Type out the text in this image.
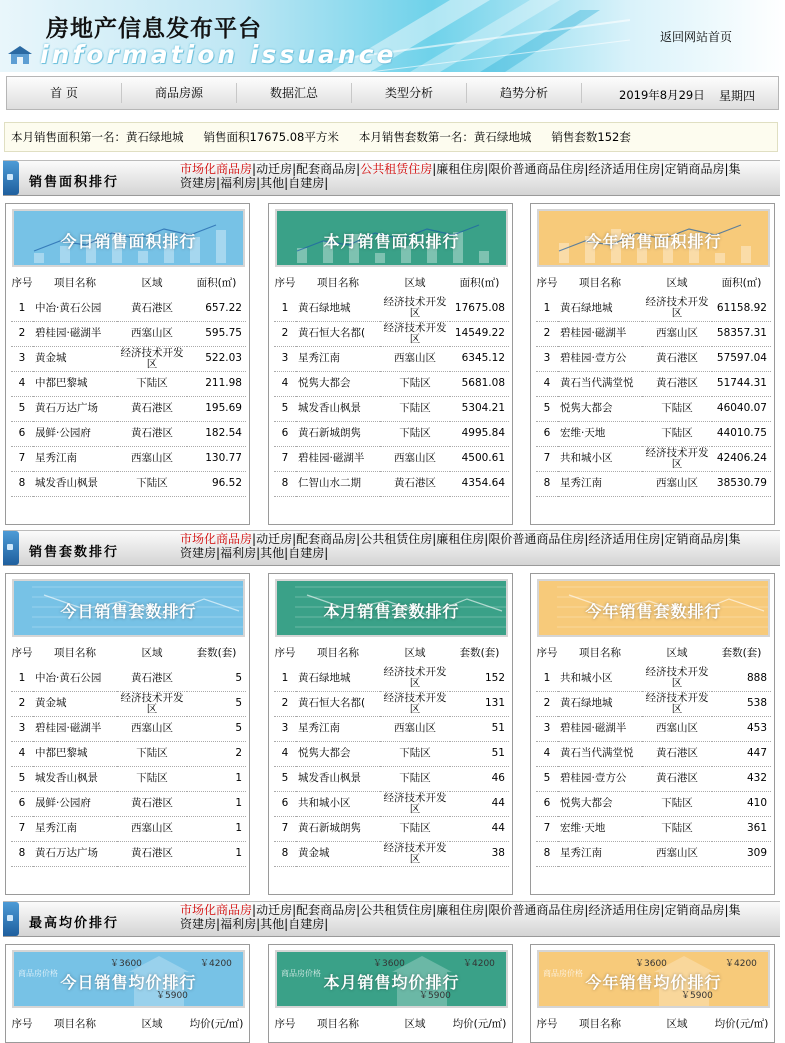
房地产信息发布平台
information issuance
返回网站首页
首 页	商品房源	数据汇总	类型分析	趋势分析	2019年8月29日 星期四
本月销售面积第一名：黄石绿地城 销售面积17675.08平方米 本月销售套数第一名：黄石绿地城 销售套数152套
销售面积排行
市场化商品房|动迁房|配套商品房|公共租赁住房|廉租住房|限价普通商品住房|经济适用住房|定销商品房|集资建房|福利房|其他|自建房|
今日销售面积排行
序号	项目名称	区域	面积(㎡)
1	中冶·黄石公园	黄石港区	657.22
2	碧桂园·磁湖半	西塞山区	595.75
3	黄金城	经济技术开发区	522.03
4	中都巴黎城	下陆区	211.98
5	黄石万达广场	黄石港区	195.69
6	晟鲜·公园府	黄石港区	182.54
7	星秀江南	西塞山区	130.77
8	城发香山枫景	下陆区	96.52
本月销售面积排行
序号	项目名称	区域	面积(㎡)
1	黄石绿地城	经济技术开发区	17675.08
2	黄石恒大名都(	经济技术开发区	14549.22
3	星秀江南	西塞山区	6345.12
4	悦隽大都会	下陆区	5681.08
5	城发香山枫景	下陆区	5304.21
6	黄石新城朗隽	下陆区	4995.84
7	碧桂园·磁湖半	西塞山区	4500.61
8	仁智山水二期	黄石港区	4354.64
今年销售面积排行
序号	项目名称	区域	面积(㎡)
1	黄石绿地城	经济技术开发区	61158.92
2	碧桂园·磁湖半	西塞山区	58357.31
3	碧桂园·壹方公	黄石港区	57597.04
4	黄石当代满堂悦	黄石港区	51744.31
5	悦隽大都会	下陆区	46040.07
6	宏维·天地	下陆区	44010.75
7	共和城小区	经济技术开发区	42406.24
8	星秀江南	西塞山区	38530.79
销售套数排行
市场化商品房|动迁房|配套商品房|公共租赁住房|廉租住房|限价普通商品住房|经济适用住房|定销商品房|集资建房|福利房|其他|自建房|
今日销售套数排行
序号	项目名称	区域	套数(套)
1	中冶·黄石公园	黄石港区	5
2	黄金城	经济技术开发区	5
3	碧桂园·磁湖半	西塞山区	5
4	中都巴黎城	下陆区	2
5	城发香山枫景	下陆区	1
6	晟鲜·公园府	黄石港区	1
7	星秀江南	西塞山区	1
8	黄石万达广场	黄石港区	1
本月销售套数排行
序号	项目名称	区域	套数(套)
1	黄石绿地城	经济技术开发区	152
2	黄石恒大名都(	经济技术开发区	131
3	星秀江南	西塞山区	51
4	悦隽大都会	下陆区	51
5	城发香山枫景	下陆区	46
6	共和城小区	经济技术开发区	44
7	黄石新城朗隽	下陆区	44
8	黄金城	经济技术开发区	38
今年销售套数排行
序号	项目名称	区域	套数(套)
1	共和城小区	经济技术开发区	888
2	黄石绿地城	经济技术开发区	538
3	碧桂园·磁湖半	西塞山区	453
4	黄石当代满堂悦	黄石港区	447
5	碧桂园·壹方公	黄石港区	432
6	悦隽大都会	下陆区	410
7	宏维·天地	下陆区	361
8	星秀江南	西塞山区	309
最高均价排行
市场化商品房|动迁房|配套商品房|公共租赁住房|廉租住房|限价普通商品住房|经济适用住房|定销商品房|集资建房|福利房|其他|自建房|
￥3600	￥4200
￥5900
商品房价格 今日销售均价排行
序号	项目名称	区域	均价(元/㎡)
￥3600	￥4200
￥5900
商品房价格 本月销售均价排行
序号	项目名称	区域	均价(元/㎡)
￥3600	￥4200
￥5900
商品房价格 今年销售均价排行
序号	项目名称	区域	均价(元/㎡)
